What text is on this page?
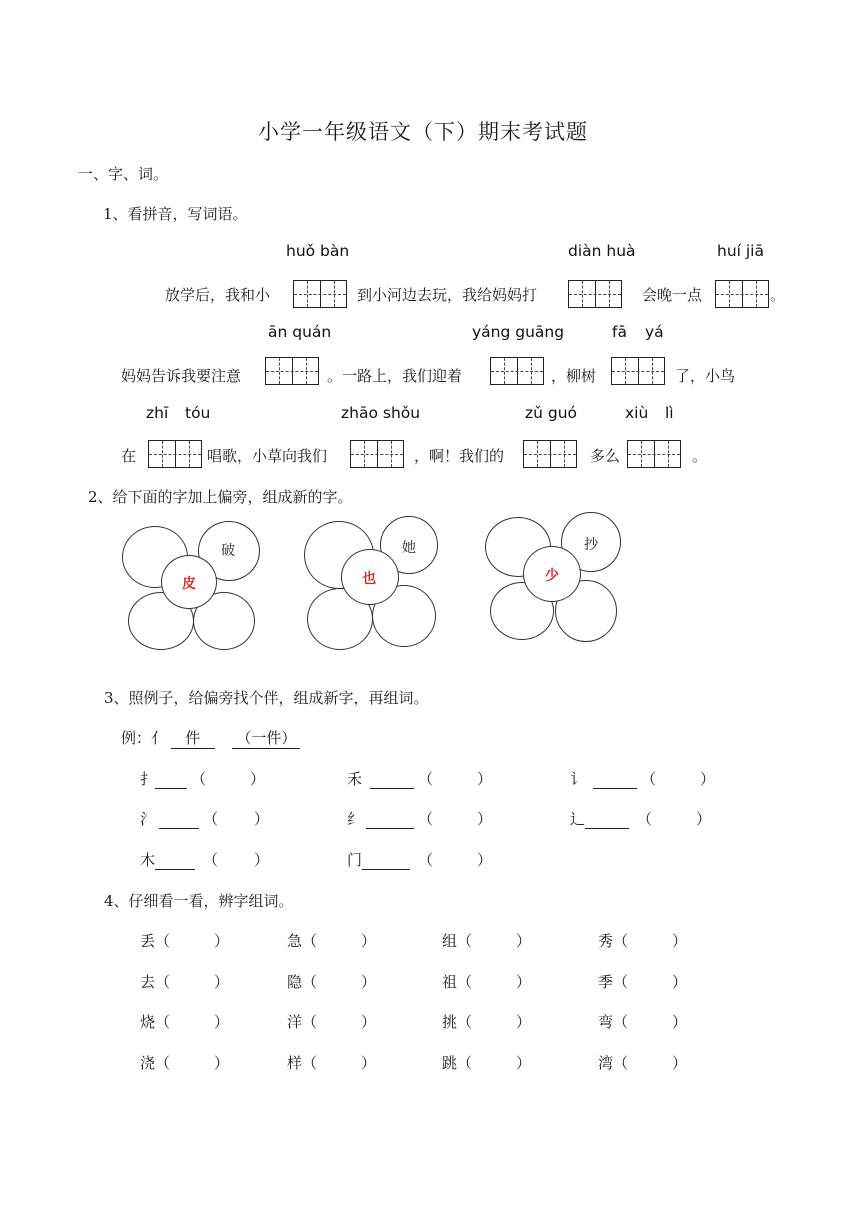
小学一年级语文（下）期末考试题
一、字、词。
1、看拼音，写词语。
huǒ bàn	diàn huà	huí jiā
放学后，我和小	到小河边去玩，我给妈妈打	会晚一点	。
ān quán	yáng guāng	fā yá
妈妈告诉我要注意	。一路上，我们迎着	，柳树	了，小鸟
zhī tóu	zhāo shǒu	zǔ guó	xiù lì
在	唱歌，小草向我们	，啊！我们的	多么	。
2、给下面的字加上偏旁，组成新的字。
皮
破
也
她
少
抄
3、照例子，给偏旁找个伴，组成新字，再组词。
例：亻 件 （一件）
扌 （	）	禾	（	）	讠	（	）
氵	（ ）	纟	（	）	辶	（	）
木	（ ）	门	（	）
4、仔细看一看，辨字组词。
丢（	）	急（	）	组（	）	秀（	）
去（	）	隐（	）	祖（	）	季（	）
烧（	）	洋（	）	挑（	）	弯（	）
浇（	）	样（	）	跳（	）	湾（	）
